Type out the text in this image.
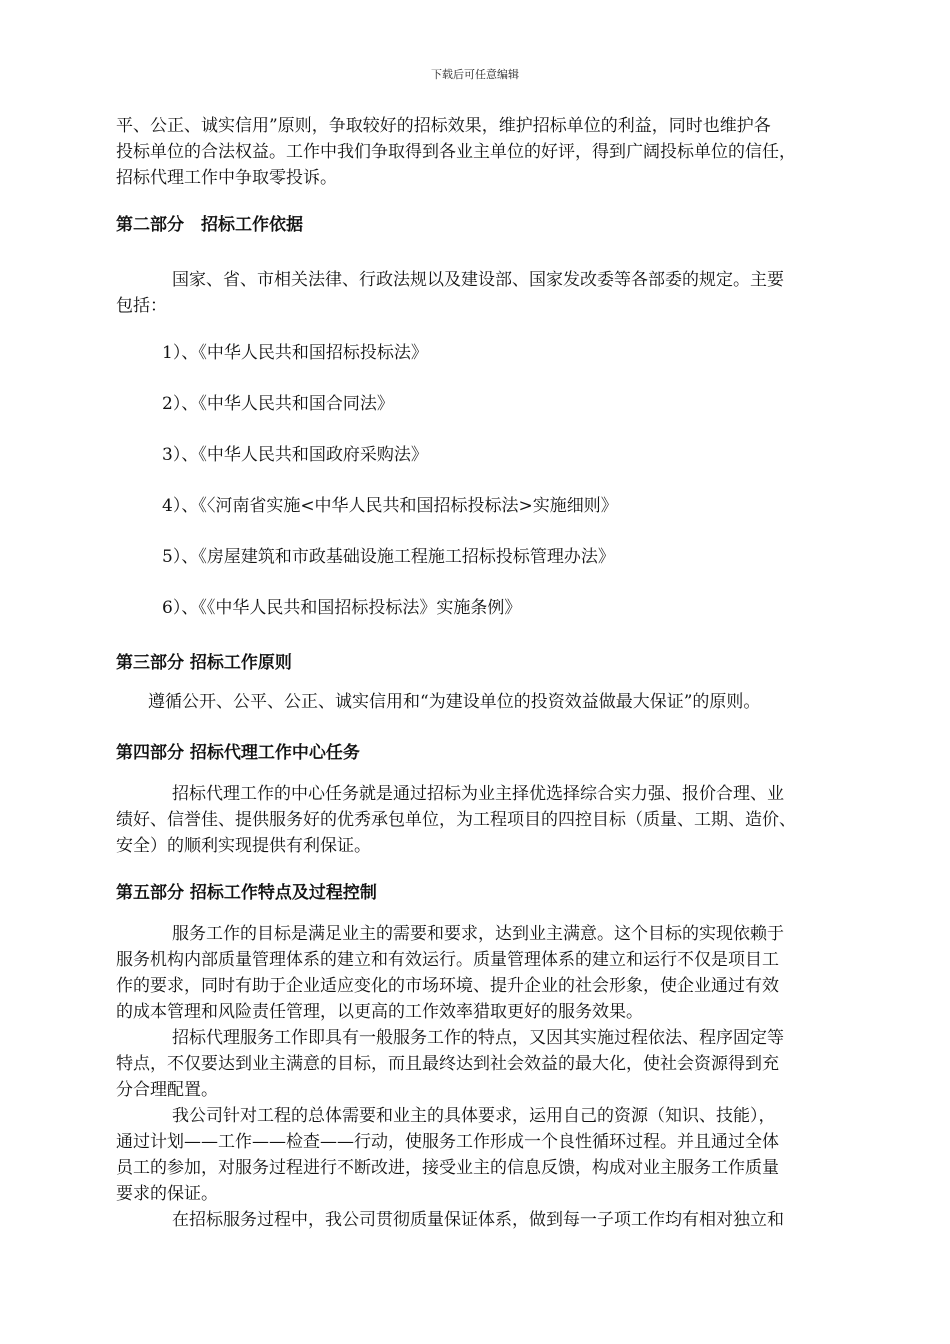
下载后可任意编辑
平、公正、诚实信用”原则，争取较好的招标效果，维护招标单位的利益，同时也维护各
投标单位的合法权益。工作中我们争取得到各业主单位的好评，得到广阔投标单位的信任，
招标代理工作中争取零投诉。
第二部分　招标工作依据
国家、省、市相关法律、行政法规以及建设部、国家发改委等各部委的规定。主要
包括：
1）、《中华人民共和国招标投标法》
2）、《中华人民共和国合同法》
3）、《中华人民共和国政府采购法》
4）、《〈河南省实施<中华人民共和国招标投标法>实施细则》
5）、《房屋建筑和市政基础设施工程施工招标投标管理办法》
6）、《《中华人民共和国招标投标法》实施条例》
第三部分 招标工作原则
遵循公开、公平、公正、诚实信用和“为建设单位的投资效益做最大保证”的原则。
第四部分 招标代理工作中心任务
招标代理工作的中心任务就是通过招标为业主择优选择综合实力强、报价合理、业
绩好、信誉佳、提供服务好的优秀承包单位，为工程项目的四控目标（质量、工期、造价、
安全）的顺利实现提供有利保证。
第五部分 招标工作特点及过程控制
服务工作的目标是满足业主的需要和要求，达到业主满意。这个目标的实现依赖于
服务机构内部质量管理体系的建立和有效运行。质量管理体系的建立和运行不仅是项目工
作的要求，同时有助于企业适应变化的市场环境、提升企业的社会形象，使企业通过有效
的成本管理和风险责任管理，以更高的工作效率猎取更好的服务效果。
招标代理服务工作即具有一般服务工作的特点，又因其实施过程依法、程序固定等
特点，不仅要达到业主满意的目标，而且最终达到社会效益的最大化，使社会资源得到充
分合理配置。
我公司针对工程的总体需要和业主的具体要求，运用自己的资源（知识、技能），
通过计划——工作——检查——行动，使服务工作形成一个良性循环过程。并且通过全体
员工的参加，对服务过程进行不断改进，接受业主的信息反馈，构成对业主服务工作质量
要求的保证。
在招标服务过程中，我公司贯彻质量保证体系，做到每一子项工作均有相对独立和
